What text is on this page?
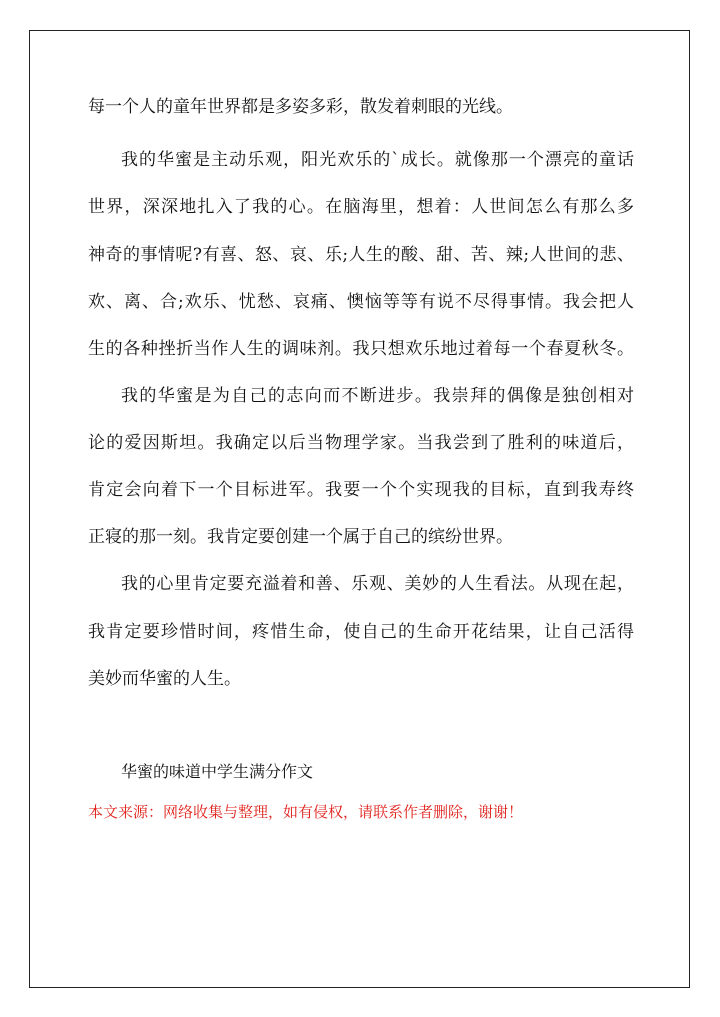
每一个人的童年世界都是多姿多彩，散发着刺眼的光线。
我的华蜜是主动乐观，阳光欢乐的`成长。就像那一个漂亮的童话
世界，深深地扎入了我的心。在脑海里，想着：人世间怎么有那么多
神奇的事情呢?有喜、怒、哀、乐;人生的酸、甜、苦、辣;人世间的悲、
欢、离、合;欢乐、忧愁、哀痛、懊恼等等有说不尽得事情。我会把人
生的各种挫折当作人生的调味剂。我只想欢乐地过着每一个春夏秋冬。
我的华蜜是为自己的志向而不断进步。我崇拜的偶像是独创相对
论的爱因斯坦。我确定以后当物理学家。当我尝到了胜利的味道后，
肯定会向着下一个目标进军。我要一个个实现我的目标，直到我寿终
正寝的那一刻。我肯定要创建一个属于自己的缤纷世界。
我的心里肯定要充溢着和善、乐观、美妙的人生看法。从现在起，
我肯定要珍惜时间，疼惜生命，使自己的生命开花结果，让自己活得
美妙而华蜜的人生。
华蜜的味道中学生满分作文
本文来源：网络收集与整理，如有侵权，请联系作者删除，谢谢！
